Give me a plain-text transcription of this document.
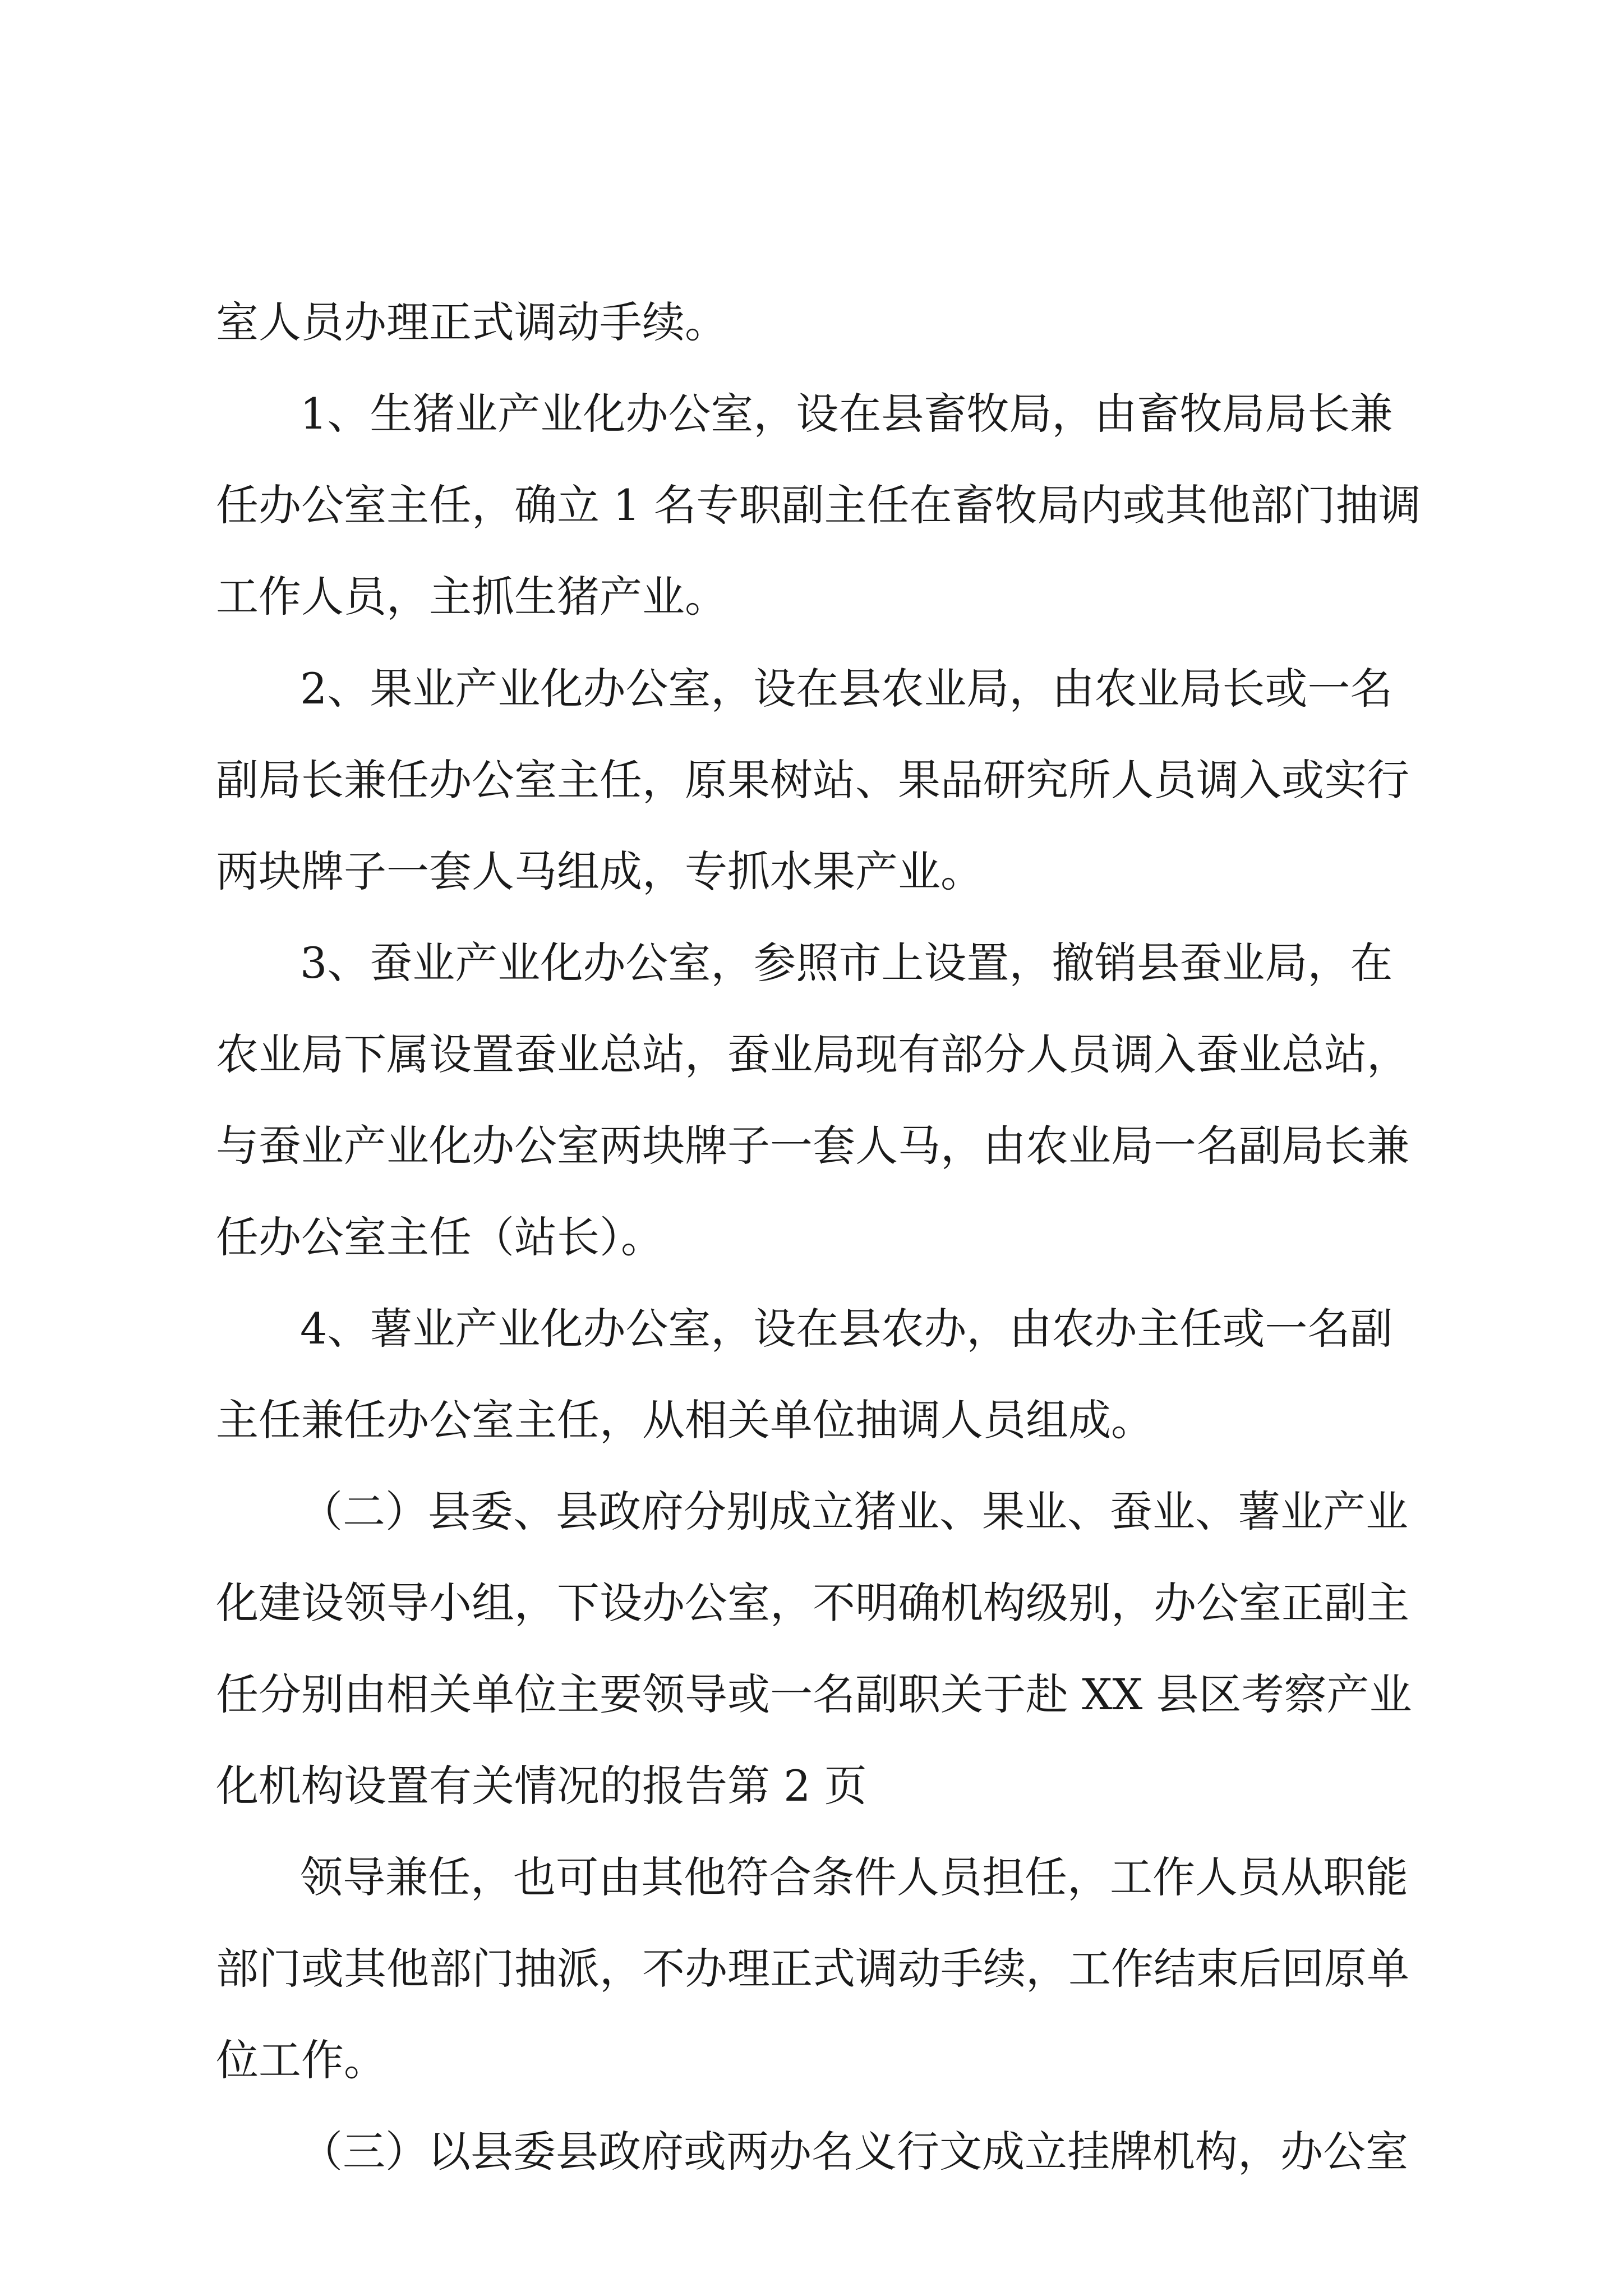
室人员办理正式调动手续。

1、生猪业产业化办公室，设在县畜牧局，由畜牧局局长兼

任办公室主任，确立 1 名专职副主任在畜牧局内或其他部门抽调

工作人员，主抓生猪产业。

2、果业产业化办公室，设在县农业局，由农业局长或一名

副局长兼任办公室主任，原果树站、果品研究所人员调入或实行

两块牌子一套人马组成，专抓水果产业。

3、蚕业产业化办公室，参照市上设置，撤销县蚕业局，在

农业局下属设置蚕业总站，蚕业局现有部分人员调入蚕业总站，

与蚕业产业化办公室两块牌子一套人马，由农业局一名副局长兼

任办公室主任（站长）。

4、薯业产业化办公室，设在县农办，由农办主任或一名副

主任兼任办公室主任，从相关单位抽调人员组成。

（二）县委、县政府分别成立猪业、果业、蚕业、薯业产业

化建设领导小组，下设办公室，不明确机构级别，办公室正副主

任分别由相关单位主要领导或一名副职关于赴 XX 县区考察产业

化机构设置有关情况的报告第 2 页

领导兼任，也可由其他符合条件人员担任，工作人员从职能

部门或其他部门抽派，不办理正式调动手续，工作结束后回原单

位工作。

（三）以县委县政府或两办名义行文成立挂牌机构，办公室
